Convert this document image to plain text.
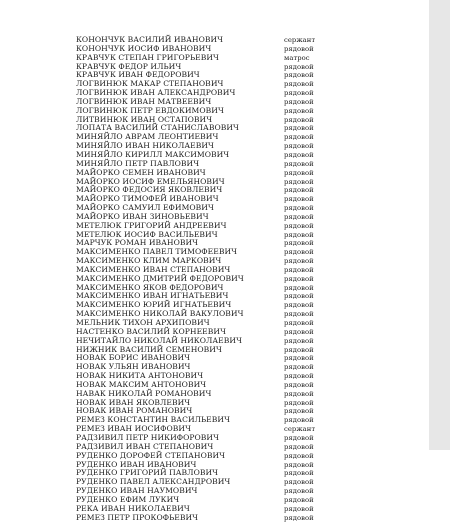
КОНОНЧУК ВАСИЛИЙ ИВАНОВИЧ	сержант
КОНОНЧУК ИОСИФ ИВАНОВИЧ	рядовой
КРАВЧУК СТЕПАН ГРИГОРЬЕВИЧ	матрос
КРАВЧУК ФЕДОР ИЛЬИЧ	рядовой
КРАВЧУК ИВАН ФЕДОРОВИЧ	рядовой
ЛОГВИНЮК МАКАР СТЕПАНОВИЧ	рядовой
ЛОГВИНЮК ИВАН АЛЕКСАНДРОВИЧ	рядовой
ЛОГВИНЮК ИВАН МАТВЕЕВИЧ	рядовой
ЛОГВИНЮК ПЕТР ЕВДОКИМОВИЧ	рядовой
ЛИТВИНЮК ИВАН ОСТАПОВИЧ	рядовой
ЛОПАТА ВАСИЛИЙ СТАНИСЛАВОВИЧ	рядовой
МИНЯЙЛО АВРАМ ЛЕОНТИЕВИЧ	рядовой
МИНЯЙЛО ИВАН НИКОЛАЕВИЧ	рядовой
МИНЯЙЛО КИРИЛЛ МАКСИМОВИЧ	рядовой
МИНЯЙЛО ПЕТР ПАВЛОВИЧ	рядовой
МАЙОРКО СЕМЕН ИВАНОВИЧ	рядовой
МАЙОРКО ИОСИФ ЕМЕЛЬЯНОВИЧ	рядовой
МАЙОРКО ФЕДОСИЯ ЯКОВЛЕВИЧ	рядовой
МАЙОРКО ТИМОФЕЙ ИВАНОВИЧ	рядовой
МАЙОРКО САМУИЛ ЕФИМОВИЧ	рядовой
МАЙОРКО ИВАН ЗИНОВЬЕВИЧ	рядовой
МЕТЕЛЮК ГРИГОРИЙ АНДРЕЕВИЧ	рядовой
МЕТЕЛЮК ИОСИФ ВАСИЛЬЕВИЧ	рядовой
МАРЧУК РОМАН ИВАНОВИЧ	рядовой
МАКСИМЕНКО ПАВЕЛ ТИМОФЕЕВИЧ	рядовой
МАКСИМЕНКО КЛИМ МАРКОВИЧ	рядовой
МАКСИМЕНКО ИВАН СТЕПАНОВИЧ	рядовой
МАКСИМЕНКО ДМИТРИЙ ФЕДОРОВИЧ	рядовой
МАКСИМЕНКО ЯКОВ ФЕДОРОВИЧ	рядовой
МАКСИМЕНКО ИВАН ИГНАТЬЕВИЧ	рядовой
МАКСИМЕНКО ЮРИЙ ИГНАТЬЕВИЧ	рядовой
МАКСИМЕНКО НИКОЛАЙ ВАКУЛОВИЧ	рядовой
МЕЛЬНИК ТИХОН АРХИПОВИЧ	рядовой
НАСТЕНКО ВАСИЛИЙ КОРНЕЕВИЧ	рядовой
НЕЧИТАЙЛО НИКОЛАЙ НИКОЛАЕВИЧ	рядовой
НИЖНИК ВАСИЛИЙ СЕМЕНОВИЧ	рядовой
НОВАК БОРИС ИВАНОВИЧ	рядовой
НОВАК УЛЬЯН ИВАНОВИЧ	рядовой
НОВАК НИКИТА АНТОНОВИЧ	рядовой
НОВАК МАКСИМ АНТОНОВИЧ	рядовой
НАВАК НИКОЛАЙ РОМАНОВИЧ	рядовой
НОВАК ИВАН ЯКОВЛЕВИЧ	рядовой
НОВАК ИВАН РОМАНОВИЧ	рядовой
РЕМЕЗ КОНСТАНТИН ВАСИЛЬЕВИЧ	рядовой
РЕМЕЗ ИВАН ИОСИФОВИЧ	сержант
РАДЗИВИЛ ПЕТР НИКИФОРОВИЧ	рядовой
РАДЗИВИЛ ИВАН СТЕПАНОВИЧ	рядовой
РУДЕНКО ДОРОФЕЙ СТЕПАНОВИЧ	рядовой
РУДЕНКО ИВАН ИВАНОВИЧ	рядовой
РУДЕНКО ГРИГОРИЙ ПАВЛОВИЧ	рядовой
РУДЕНКО ПАВЕЛ АЛЕКСАНДРОВИЧ	рядовой
РУДЕНКО ИВАН НАУМОВИЧ	рядовой
РУДЕНКО ЕФИМ ЛУКИЧ	рядовой
РЕКА ИВАН НИКОЛАЕВИЧ	рядовой
РЕМЕЗ ПЕТР ПРОКОФЬЕВИЧ	рядовой
